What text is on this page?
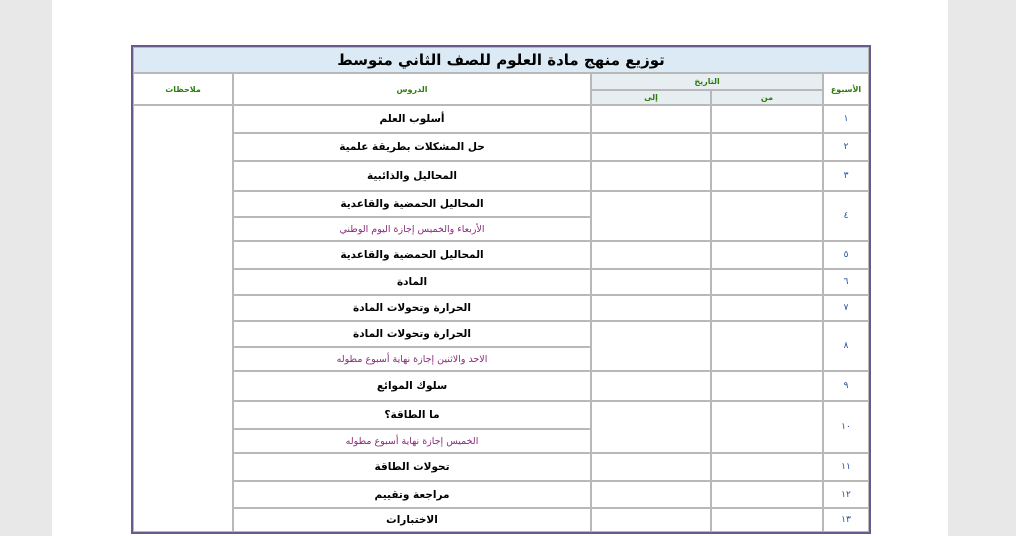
توزيع منهج مادة العلوم للصف الثاني متوسط
الأسبوع
التاريخ
من
إلى
الدروس
ملاحظات
١
أسلوب العلم
٢
حل المشكلات بطريقة علمية
٣
المحاليل والذائبية
٤
المحاليل الحمضية والقاعدية
الأربعاء والخميس إجازة اليوم الوطني
٥
المحاليل الحمضية والقاعدية
٦
المادة
٧
الحرارة وتحولات المادة
٨
الحرارة وتحولات المادة
الاحد والاثنين إجازة نهاية أسبوع مطوله
٩
سلوك الموائع
١٠
ما الطاقة؟
الخميس إجازة نهاية أسبوع مطوله
١١
تحولات الطاقة
١٢
مراجعة وتقييم
١٣
الاختبارات
